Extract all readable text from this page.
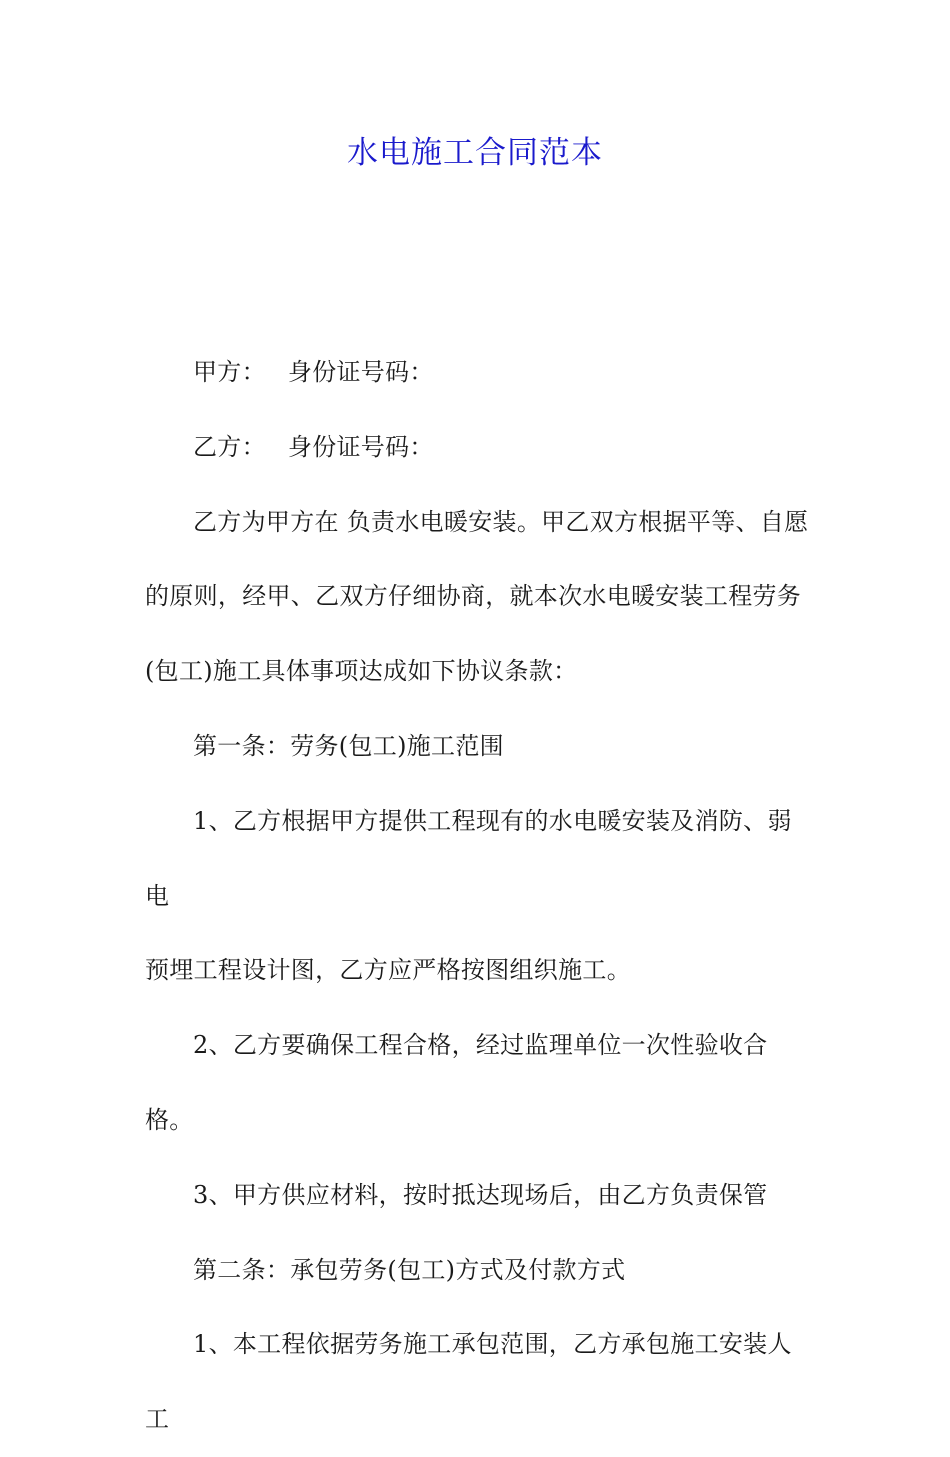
水电施工合同范本

甲方： 身份证号码：

乙方： 身份证号码：

乙方为甲方在 负责水电暖安装。甲乙双方根据平等、自愿

的原则，经甲、乙双方仔细协商，就本次水电暖安装工程劳务

(包工)施工具体事项达成如下协议条款：

第一条：劳务(包工)施工范围

1、乙方根据甲方提供工程现有的水电暖安装及消防、弱电

预埋工程设计图，乙方应严格按图组织施工。

2、乙方要确保工程合格，经过监理单位一次性验收合格。

3、甲方供应材料，按时抵达现场后，由乙方负责保管

第二条：承包劳务(包工)方式及付款方式

1、本工程依据劳务施工承包范围，乙方承包施工安装人工
